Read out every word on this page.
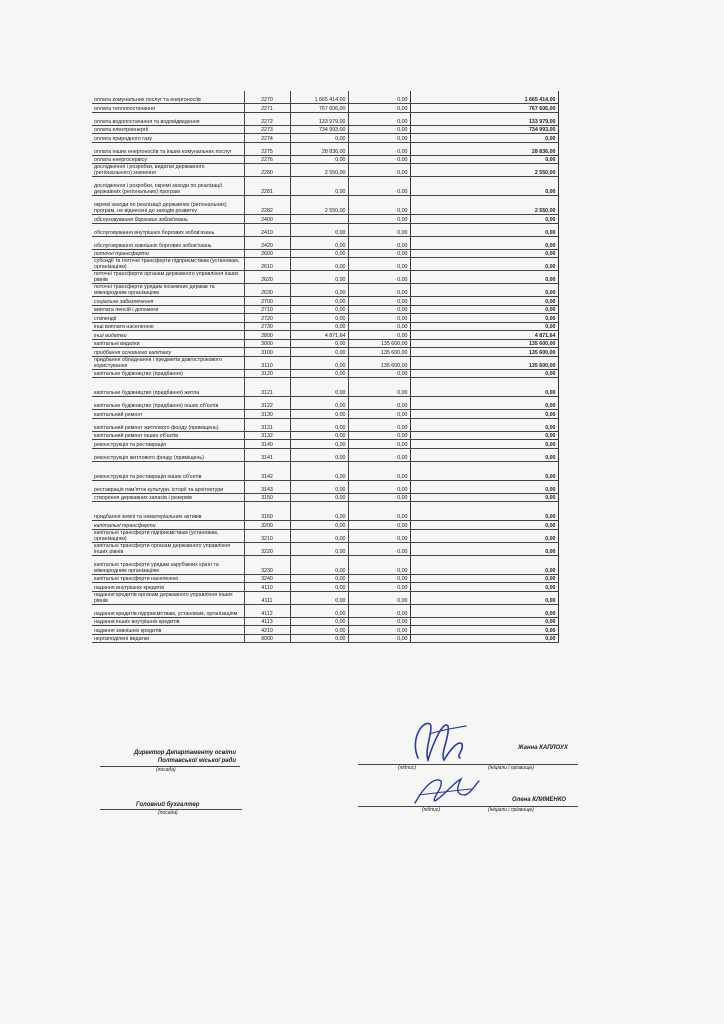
оплата комунальних послуг та енергоносіїв	2270	1 665 414,00	0,00	1 665 414,00
оплата теплопостачання	2271	767 606,00	0,00	767 606,00
оплата водопостачання та водовідведення	2272	133 979,00	0,00	133 979,00
оплата електроенергії	2273	734 993,00	0,00	734 993,00
оплата природного газу	2274	0,00	0,00	0,00
оплата інших енергоносіїв та інших комунальних послуг	2275	28 836,00	0,00	28 836,00
оплата енергосервісу	2276	0,00	0,00	0,00
дослідження і розробки, видатки державного (регіонального) значення	2280	2 550,00	0,00	2 550,00
дослідження і розробки, окремі заходи по реалізації державних (регіональних) програм	2281	0,00	0,00	0,00
окремі заходи по реалізації державних (регіональних) програм, не віднесені до заходів розвитку	2282	2 550,00	0,00	2 550,00
обслуговування боргових зобов'язань	2400		0,00	0,00
обслуговування внутрішніх боргових зобов'язань	2410	0,00	0,00	0,00
обслуговування зовнішніх боргових зобов'язань	2420	0,00	0,00	0,00
поточні трансферти	2600	0,00	0,00	0,00
субсидії та поточні трансферти підприємствам (установам, організаціям)	2610	0,00	0,00	0,00
поточні трансферти органам державного управління інших рівнів	2620	0,00	0,00	0,00
поточні трансферти урядам іноземних держав та міжнародним організаціям	2630	0,00	0,00	0,00
соціальне забезпечення	2700	0,00	0,00	0,00
виплата пенсій і допомоги	2710	0,00	0,00	0,00
стипендії	2720	0,00	0,00	0,00
інші виплати населенню	2730	0,00	0,00	0,00
інші видатки	2800	4 871,64	0,00	4 871,64
капітальні видатки	3000	0,00	135 600,00	135 600,00
придбання основного капіталу	3100	0,00	135 600,00	135 600,00
придбання обладнання і предметів довгострокового користування	3110	0,00	135 600,00	135 600,00
капітальне будівництво (придбання)	3120	0,00	0,00	0,00
капітальне будівництво (придбання) житла	3121	0,00	0,00	0,00
капітальне будівництво (придбання) інших об'єктів	3122	0,00	0,00	0,00
капітальний ремонт	3130	0,00	0,00	0,00
капітальний ремонт житлового фонду (приміщень)	3131	0,00	0,00	0,00
капітальний ремонт інших об'єктів	3132	0,00	0,00	0,00
реконструкція та реставрація	3140	0,00	0,00	0,00
реконструкція житлового фонду (приміщень)	3141	0,00	0,00	0,00
реконструкція та реставрація інших об'єктів	3142	0,00	0,00	0,00
реставрація пам'яток культури, історії та архітектури	3143	0,00	0,00	0,00
створення державних запасів і резервів	3150	0,00	0,00	0,00
придбання землі та нематеріальних активів	3160	0,00	0,00	0,00
капітальні трансферти	3200	0,00	0,00	0,00
капітальні трансферти підприємствам (установам, організаціям)	3210	0,00	0,00	0,00
капітальні трансферти органам державного управління інших рівнів	3220	0,00	0,00	0,00
капітальні трансферти урядам зарубіжних країн та міжнародним організаціям	3230	0,00	0,00	0,00
капітальні трансферти населенню	3240	0,00	0,00	0,00
надання внутрішніх кредитів	4110	0,00	0,00	0,00
надання кредитів органам державного управління інших рівнів	4111	0,00	0,00	0,00
надання кредитів підприємствам, установам, організаціям	4112	0,00	0,00	0,00
надання інших внутрішніх кредитів	4113	0,00	0,00	0,00
надання зовнішніх кредитів	4210	0,00	0,00	0,00
нерозподілені видатки	9000	0,00	0,00	0,00
Директор Департаменту освіти
Полтавської міської ради
(посада)	(підпис)	(ініціали і прізвище)
Жанна КАПЛОУХ
Головний бухгалтер
(посада)	(підпис)	(ініціали і прізвище)
Олена КЛИМЕНКО
